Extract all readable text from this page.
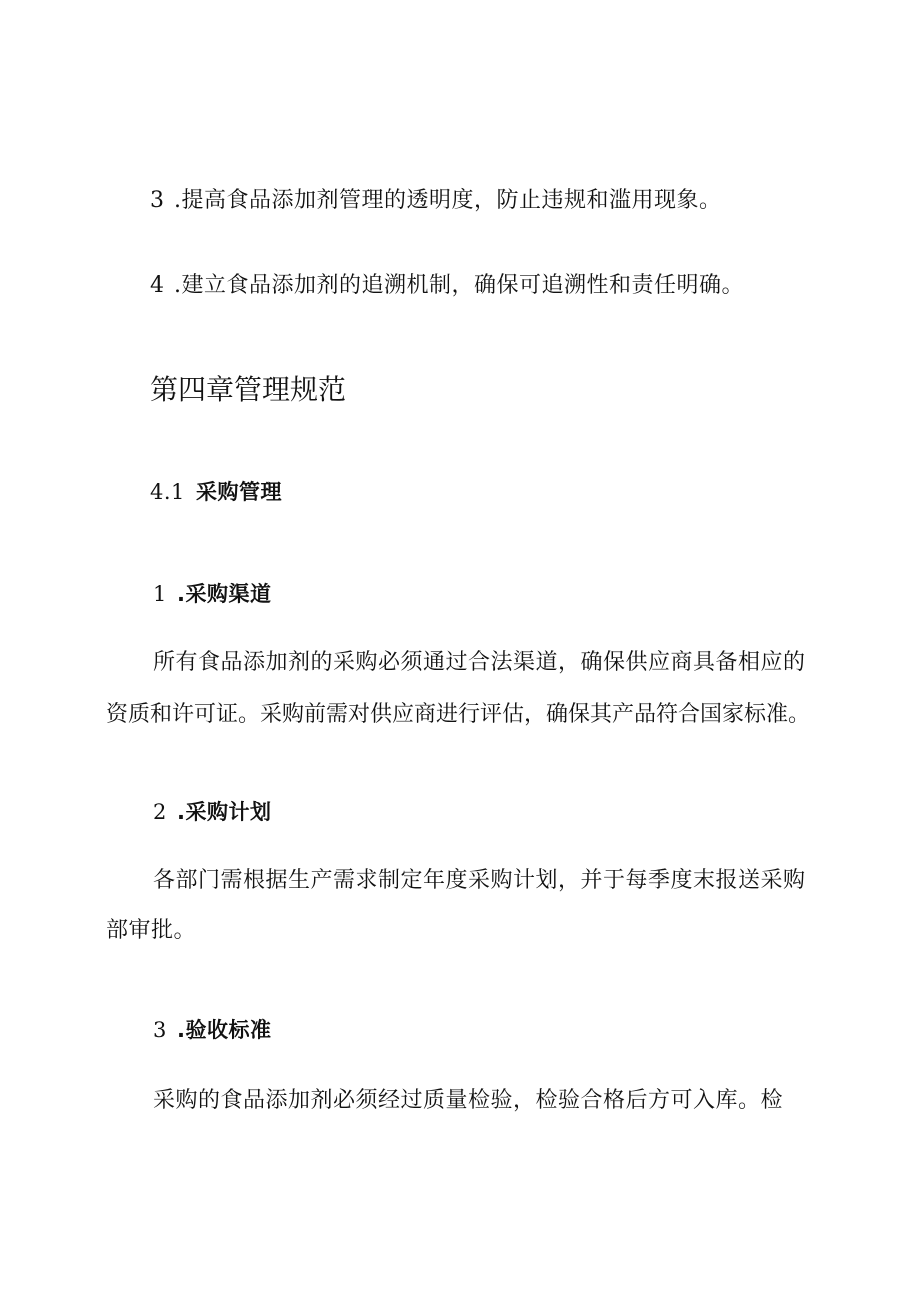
3 .提高食品添加剂管理的透明度，防止违规和滥用现象。
4 .建立食品添加剂的追溯机制，确保可追溯性和责任明确。
第四章管理规范
4.1 采购管理
1 .采购渠道
所有食品添加剂的采购必须通过合法渠道，确保供应商具备相应的
资质和许可证。采购前需对供应商进行评估，确保其产品符合国家标准。
2 .采购计划
各部门需根据生产需求制定年度采购计划，并于每季度末报送采购
部审批。
3 .验收标准
采购的食品添加剂必须经过质量检验，检验合格后方可入库。检
